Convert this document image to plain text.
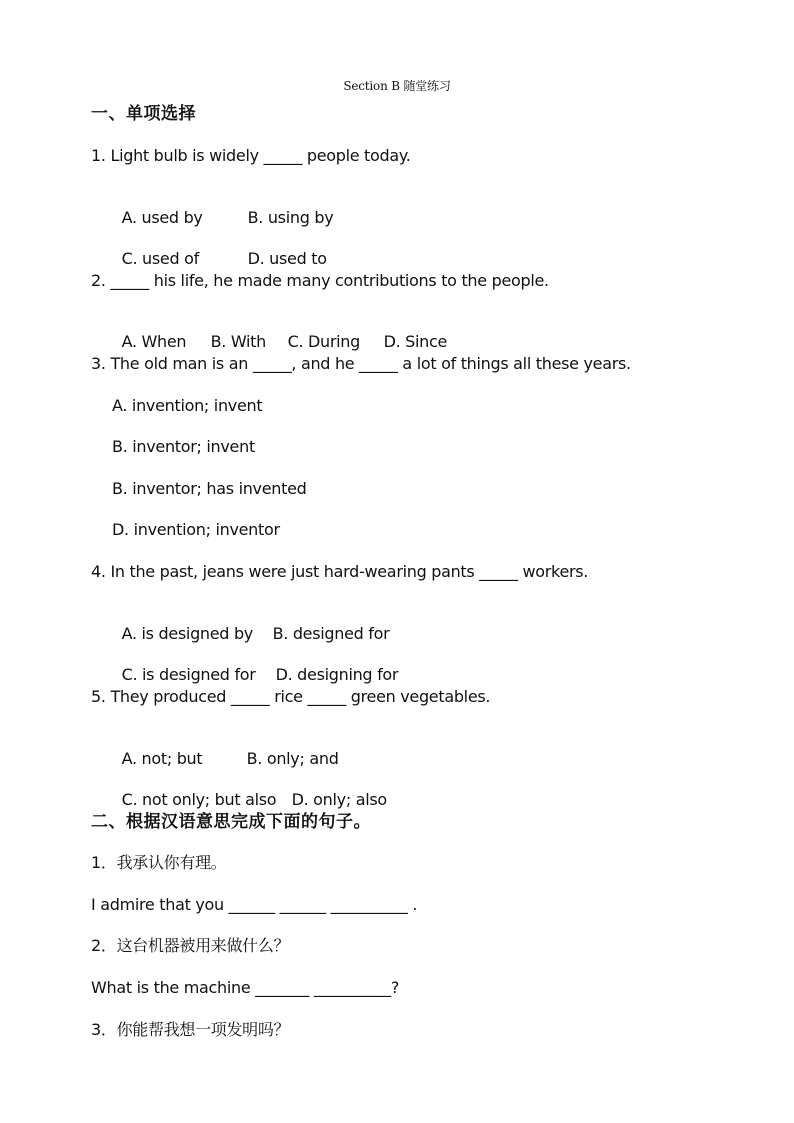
Section B 随堂练习
一、单项选择
1. Light bulb is widely _____ people today.

A. used by	B. using by

C. used of	D. used to

2. _____ his life, he made many contributions to the people.

A. When B. With C. During D. Since

3. The old man is an _____, and he _____ a lot of things all these years.
A. invention; invent
B. inventor; invent
B. inventor; has invented
D. invention; inventor
4. In the past, jeans were just hard-wearing pants _____ workers.

A. is designed by B. designed for

C. is designed for D. designing for

5. They produced _____ rice _____ green vegetables.

A. not; but	B. only; and

C. not only; but also D. only; also

二、根据汉语意思完成下面的句子。
1．我承认你有理。
I admire that you ______ ______ __________ .
2．这台机器被用来做什么？
What is the machine _______ __________?
3．你能帮我想一项发明吗？
